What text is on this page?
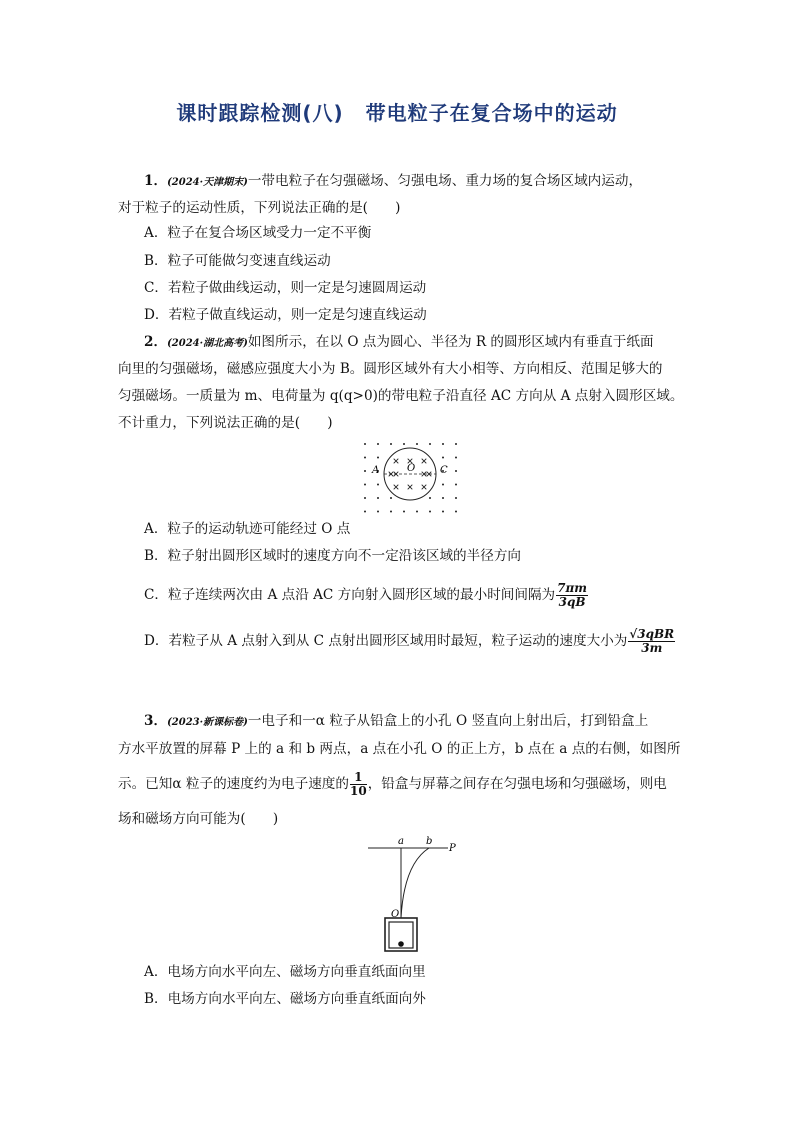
课时跟踪检测(八) 带电粒子在复合场中的运动
1．(2024·天津期末)一带电粒子在匀强磁场、匀强电场、重力场的复合场区域内运动，
对于粒子的运动性质，下列说法正确的是(　　)
A．粒子在复合场区域受力一定不平衡
B．粒子可能做匀变速直线运动
C．若粒子做曲线运动，则一定是匀速圆周运动
D．若粒子做直线运动，则一定是匀速直线运动
2．(2024·湖北高考)如图所示，在以 O 点为圆心、半径为 R 的圆形区域内有垂直于纸面
向里的匀强磁场，磁感应强度大小为 B。圆形区域外有大小相等、方向相反、范围足够大的
匀强磁场。一质量为 m、电荷量为 q(q>0)的带电粒子沿直径 AC 方向从 A 点射入圆形区域。
不计重力，下列说法正确的是(　　)
A	O C
A．粒子的运动轨迹可能经过 O 点
B．粒子射出圆形区域时的速度方向不一定沿该区域的半径方向
C．粒子连续两次由 A 点沿 AC 方向射入圆形区域的最小时间间隔为 $\frac{7\pi m}{3qB}$
D．若粒子从 A 点射入到从 C 点射出圆形区域用时最短，粒子运动的速度大小为 $\frac{\text{√3qBR}}{3m}$
3．(2023·新课标卷)一电子和一α 粒子从铅盒上的小孔 O 竖直向上射出后，打到铅盒上
方水平放置的屏幕 P 上的 a 和 b 两点，a 点在小孔 O 的正上方，b 点在 a 点的右侧，如图所
示。已知α 粒子的速度约为电子速度的 $\frac{1}{10}$ ，铅盒与屏幕之间存在匀强电场和匀强磁场，则电
场和磁场方向可能为(　　)
a b
P
O
A．电场方向水平向左、磁场方向垂直纸面向里
B．电场方向水平向左、磁场方向垂直纸面向外
